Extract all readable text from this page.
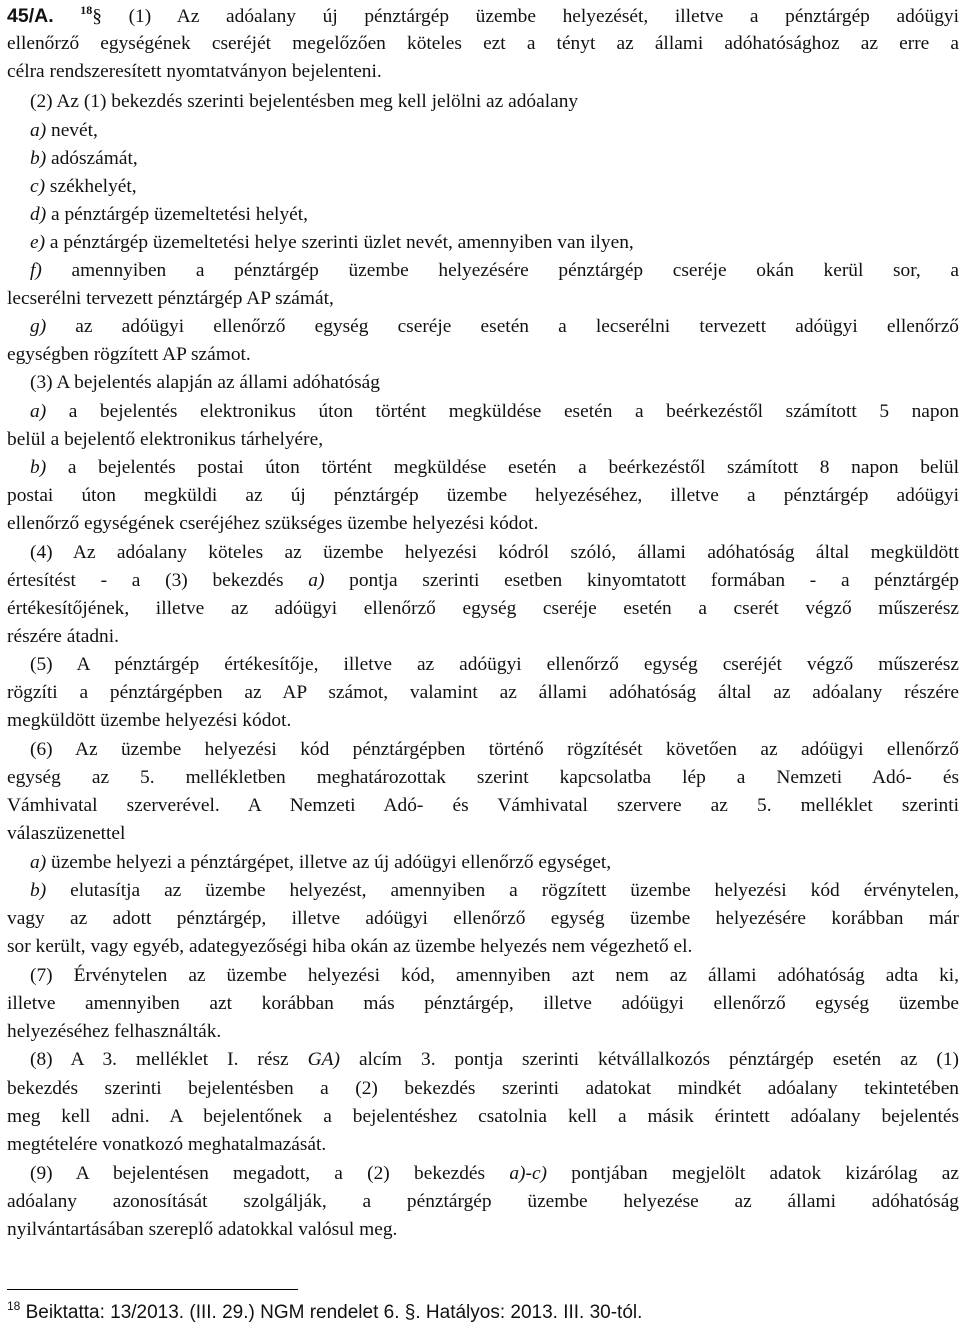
45/A. $^{18}$§ (1) Az adóalany új pénztárgép üzembe helyezését, illetve a pénztárgép adóügyi
ellenőrző egységének cseréjét megelőzően köteles ezt a tényt az állami adóhatósághoz az erre a
célra rendszeresített nyomtatványon bejelenteni.
(2) Az (1) bekezdés szerinti bejelentésben meg kell jelölni az adóalany
a) nevét,
b) adószámát,
c) székhelyét,
d) a pénztárgép üzemeltetési helyét,
e) a pénztárgép üzemeltetési helye szerinti üzlet nevét, amennyiben van ilyen,
f) amennyiben a pénztárgép üzembe helyezésére pénztárgép cseréje okán kerül sor, a
lecserélni tervezett pénztárgép AP számát,
g) az adóügyi ellenőrző egység cseréje esetén a lecserélni tervezett adóügyi ellenőrző
egységben rögzített AP számot.
(3) A bejelentés alapján az állami adóhatóság
a) a bejelentés elektronikus úton történt megküldése esetén a beérkezéstől számított 5 napon
belül a bejelentő elektronikus tárhelyére,
b) a bejelentés postai úton történt megküldése esetén a beérkezéstől számított 8 napon belül
postai úton megküldi az új pénztárgép üzembe helyezéséhez, illetve a pénztárgép adóügyi
ellenőrző egységének cseréjéhez szükséges üzembe helyezési kódot.
(4) Az adóalany köteles az üzembe helyezési kódról szóló, állami adóhatóság által megküldött
értesítést - a (3) bekezdés a) pontja szerinti esetben kinyomtatott formában - a pénztárgép
értékesítőjének, illetve az adóügyi ellenőrző egység cseréje esetén a cserét végző műszerész
részére átadni.
(5) A pénztárgép értékesítője, illetve az adóügyi ellenőrző egység cseréjét végző műszerész
rögzíti a pénztárgépben az AP számot, valamint az állami adóhatóság által az adóalany részére
megküldött üzembe helyezési kódot.
(6) Az üzembe helyezési kód pénztárgépben történő rögzítését követően az adóügyi ellenőrző
egység az 5. mellékletben meghatározottak szerint kapcsolatba lép a Nemzeti Adó- és
Vámhivatal szerverével. A Nemzeti Adó- és Vámhivatal szervere az 5. melléklet szerinti
válaszüzenettel
a) üzembe helyezi a pénztárgépet, illetve az új adóügyi ellenőrző egységet,
b) elutasítja az üzembe helyezést, amennyiben a rögzített üzembe helyezési kód érvénytelen,
vagy az adott pénztárgép, illetve adóügyi ellenőrző egység üzembe helyezésére korábban már
sor került, vagy egyéb, adategyezőségi hiba okán az üzembe helyezés nem végezhető el.
(7) Érvénytelen az üzembe helyezési kód, amennyiben azt nem az állami adóhatóság adta ki,
illetve amennyiben azt korábban más pénztárgép, illetve adóügyi ellenőrző egység üzembe
helyezéséhez felhasználták.
(8) A 3. melléklet I. rész GA) alcím 3. pontja szerinti kétvállalkozós pénztárgép esetén az (1)
bekezdés szerinti bejelentésben a (2) bekezdés szerinti adatokat mindkét adóalany tekintetében
meg kell adni. A bejelentőnek a bejelentéshez csatolnia kell a másik érintett adóalany bejelentés
megtételére vonatkozó meghatalmazását.
(9) A bejelentésen megadott, a (2) bekezdés a)-c) pontjában megjelölt adatok kizárólag az
adóalany azonosítását szolgálják, a pénztárgép üzembe helyezése az állami adóhatóság
nyilvántartásában szereplő adatokkal valósul meg.
$^{18}$ Beiktatta: 13/2013. (III. 29.) NGM rendelet 6. §. Hatályos: 2013. III. 30-tól.
